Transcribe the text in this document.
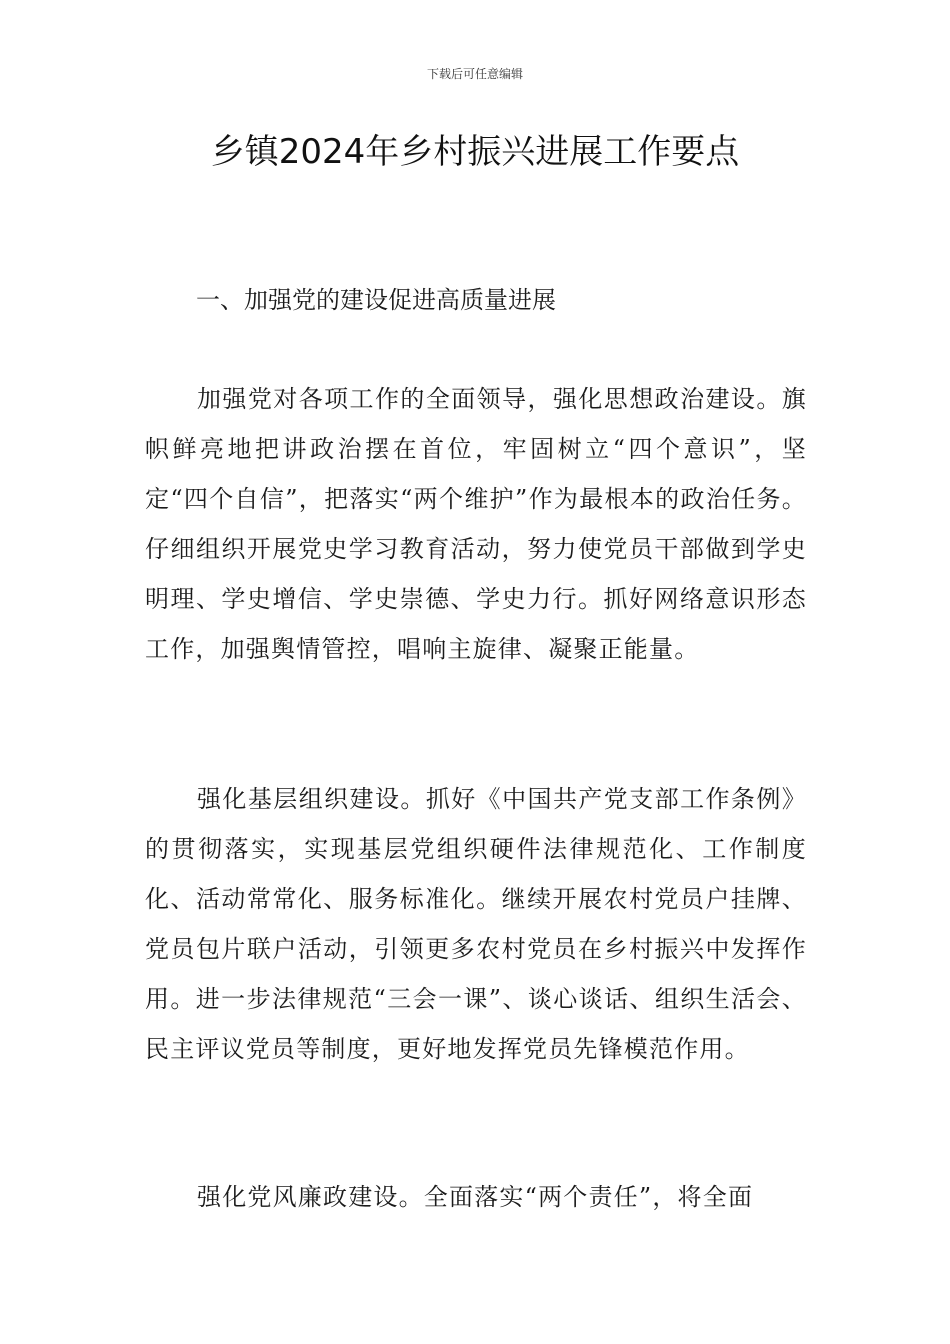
下载后可任意编辑
乡镇2024年乡村振兴进展工作要点
一、加强党的建设促进高质量进展

加强党对各项工作的全面领导，强化思想政治建设。旗帜鲜亮地把讲政治摆在首位，牢固树立“四个意识”，坚定“四个自信”，把落实“两个维护”作为最根本的政治任务。仔细组织开展党史学习教育活动，努力使党员干部做到学史明理、学史增信、学史崇德、学史力行。抓好网络意识形态工作，加强舆情管控，唱响主旋律、凝聚正能量。

强化基层组织建设。抓好《中国共产党支部工作条例》的贯彻落实，实现基层党组织硬件法律规范化、工作制度化、活动常常化、服务标准化。继续开展农村党员户挂牌、党员包片联户活动，引领更多农村党员在乡村振兴中发挥作用。进一步法律规范“三会一课”、谈心谈话、组织生活会、民主评议党员等制度，更好地发挥党员先锋模范作用。

强化党风廉政建设。全面落实“两个责任”，将全面
